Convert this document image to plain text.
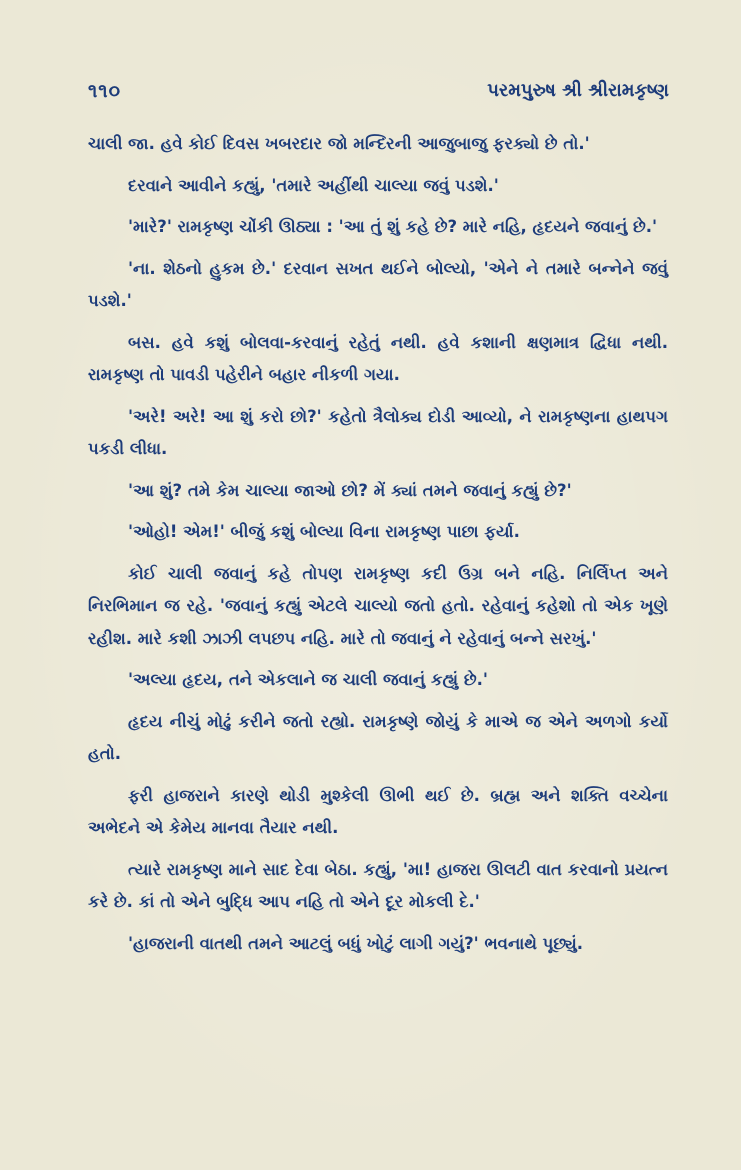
૧૧૦	પરમપુરુષ શ્રી શ્રીરામકૃષ્ણ

ચાલી જા. હવે કોઈ દિવસ ખબરદાર જો મન્દિરની આજુબાજુ ફરક્યો છે તો.'

દરવાને આવીને કહ્યું, 'તમારે અહીંથી ચાલ્યા જવું પડશે.'

'મારે?' રામકૃષ્ણ ચોંકી ઊઠ્યા : 'આ તું શું કહે છે? મારે નહિ, હૃદયને જવાનું છે.'

'ના. શેઠનો હુકમ છે.' દરવાન સખત થઈને બોલ્યો, 'એને ને તમારે બન્નેને જવું પડશે.'

બસ. હવે કશું બોલવા-કરવાનું રહેતું નથી. હવે કશાની ક્ષણમાત્ર દ્વિધા નથી. રામકૃષ્ણ તો પાવડી પહેરીને બહાર નીકળી ગયા.

'અરે! અરે! આ શું કરો છો?' કહેતો ત્રૈલોક્ય દોડી આવ્યો, ને રામકૃષ્ણના હાથપગ પકડી લીધા.

'આ શું? તમે કેમ ચાલ્યા જાઓ છો? મેં ક્યાં તમને જવાનું કહ્યું છે?'

'ઓહો! એમ!' બીજું કશું બોલ્યા વિના રામકૃષ્ણ પાછા ફર્યા.

કોઈ ચાલી જવાનું કહે તોપણ રામકૃષ્ણ કદી ઉગ્ર બને નહિ. નિર્લિપ્ત અને નિરભિમાન જ રહે. 'જવાનું કહ્યું એટલે ચાલ્યો જતો હતો. રહેવાનું કહેશો તો એક ખૂણે રહીશ. મારે કશી ઝાઝી લપછપ નહિ. મારે તો જવાનું ને રહેવાનું બન્ને સરખું.'

'અલ્યા હૃદય, તને એકલાને જ ચાલી જવાનું કહ્યું છે.'

હૃદય નીચું મોઢું કરીને જતો રહ્યો. રામકૃષ્ણે જોયું કે માએ જ એને અળગો કર્યો હતો.

ફરી હાજરાને કારણે થોડી મુશ્કેલી ઊભી થઈ છે. બ્રહ્મ અને શક્તિ વચ્ચેના અભેદને એ કેમેય માનવા તૈયાર નથી.

ત્યારે રામકૃષ્ણ માને સાદ દેવા બેઠા. કહ્યું, 'મા! હાજરા ઊલટી વાત કરવાનો પ્રયત્ન કરે છે. કાં તો એને બુદ્ધિ આપ નહિ તો એને દૂર મોકલી દે.'

'હાજરાની વાતથી તમને આટલું બધું ખોટું લાગી ગયું?' ભવનાથે પૂછ્યું.
